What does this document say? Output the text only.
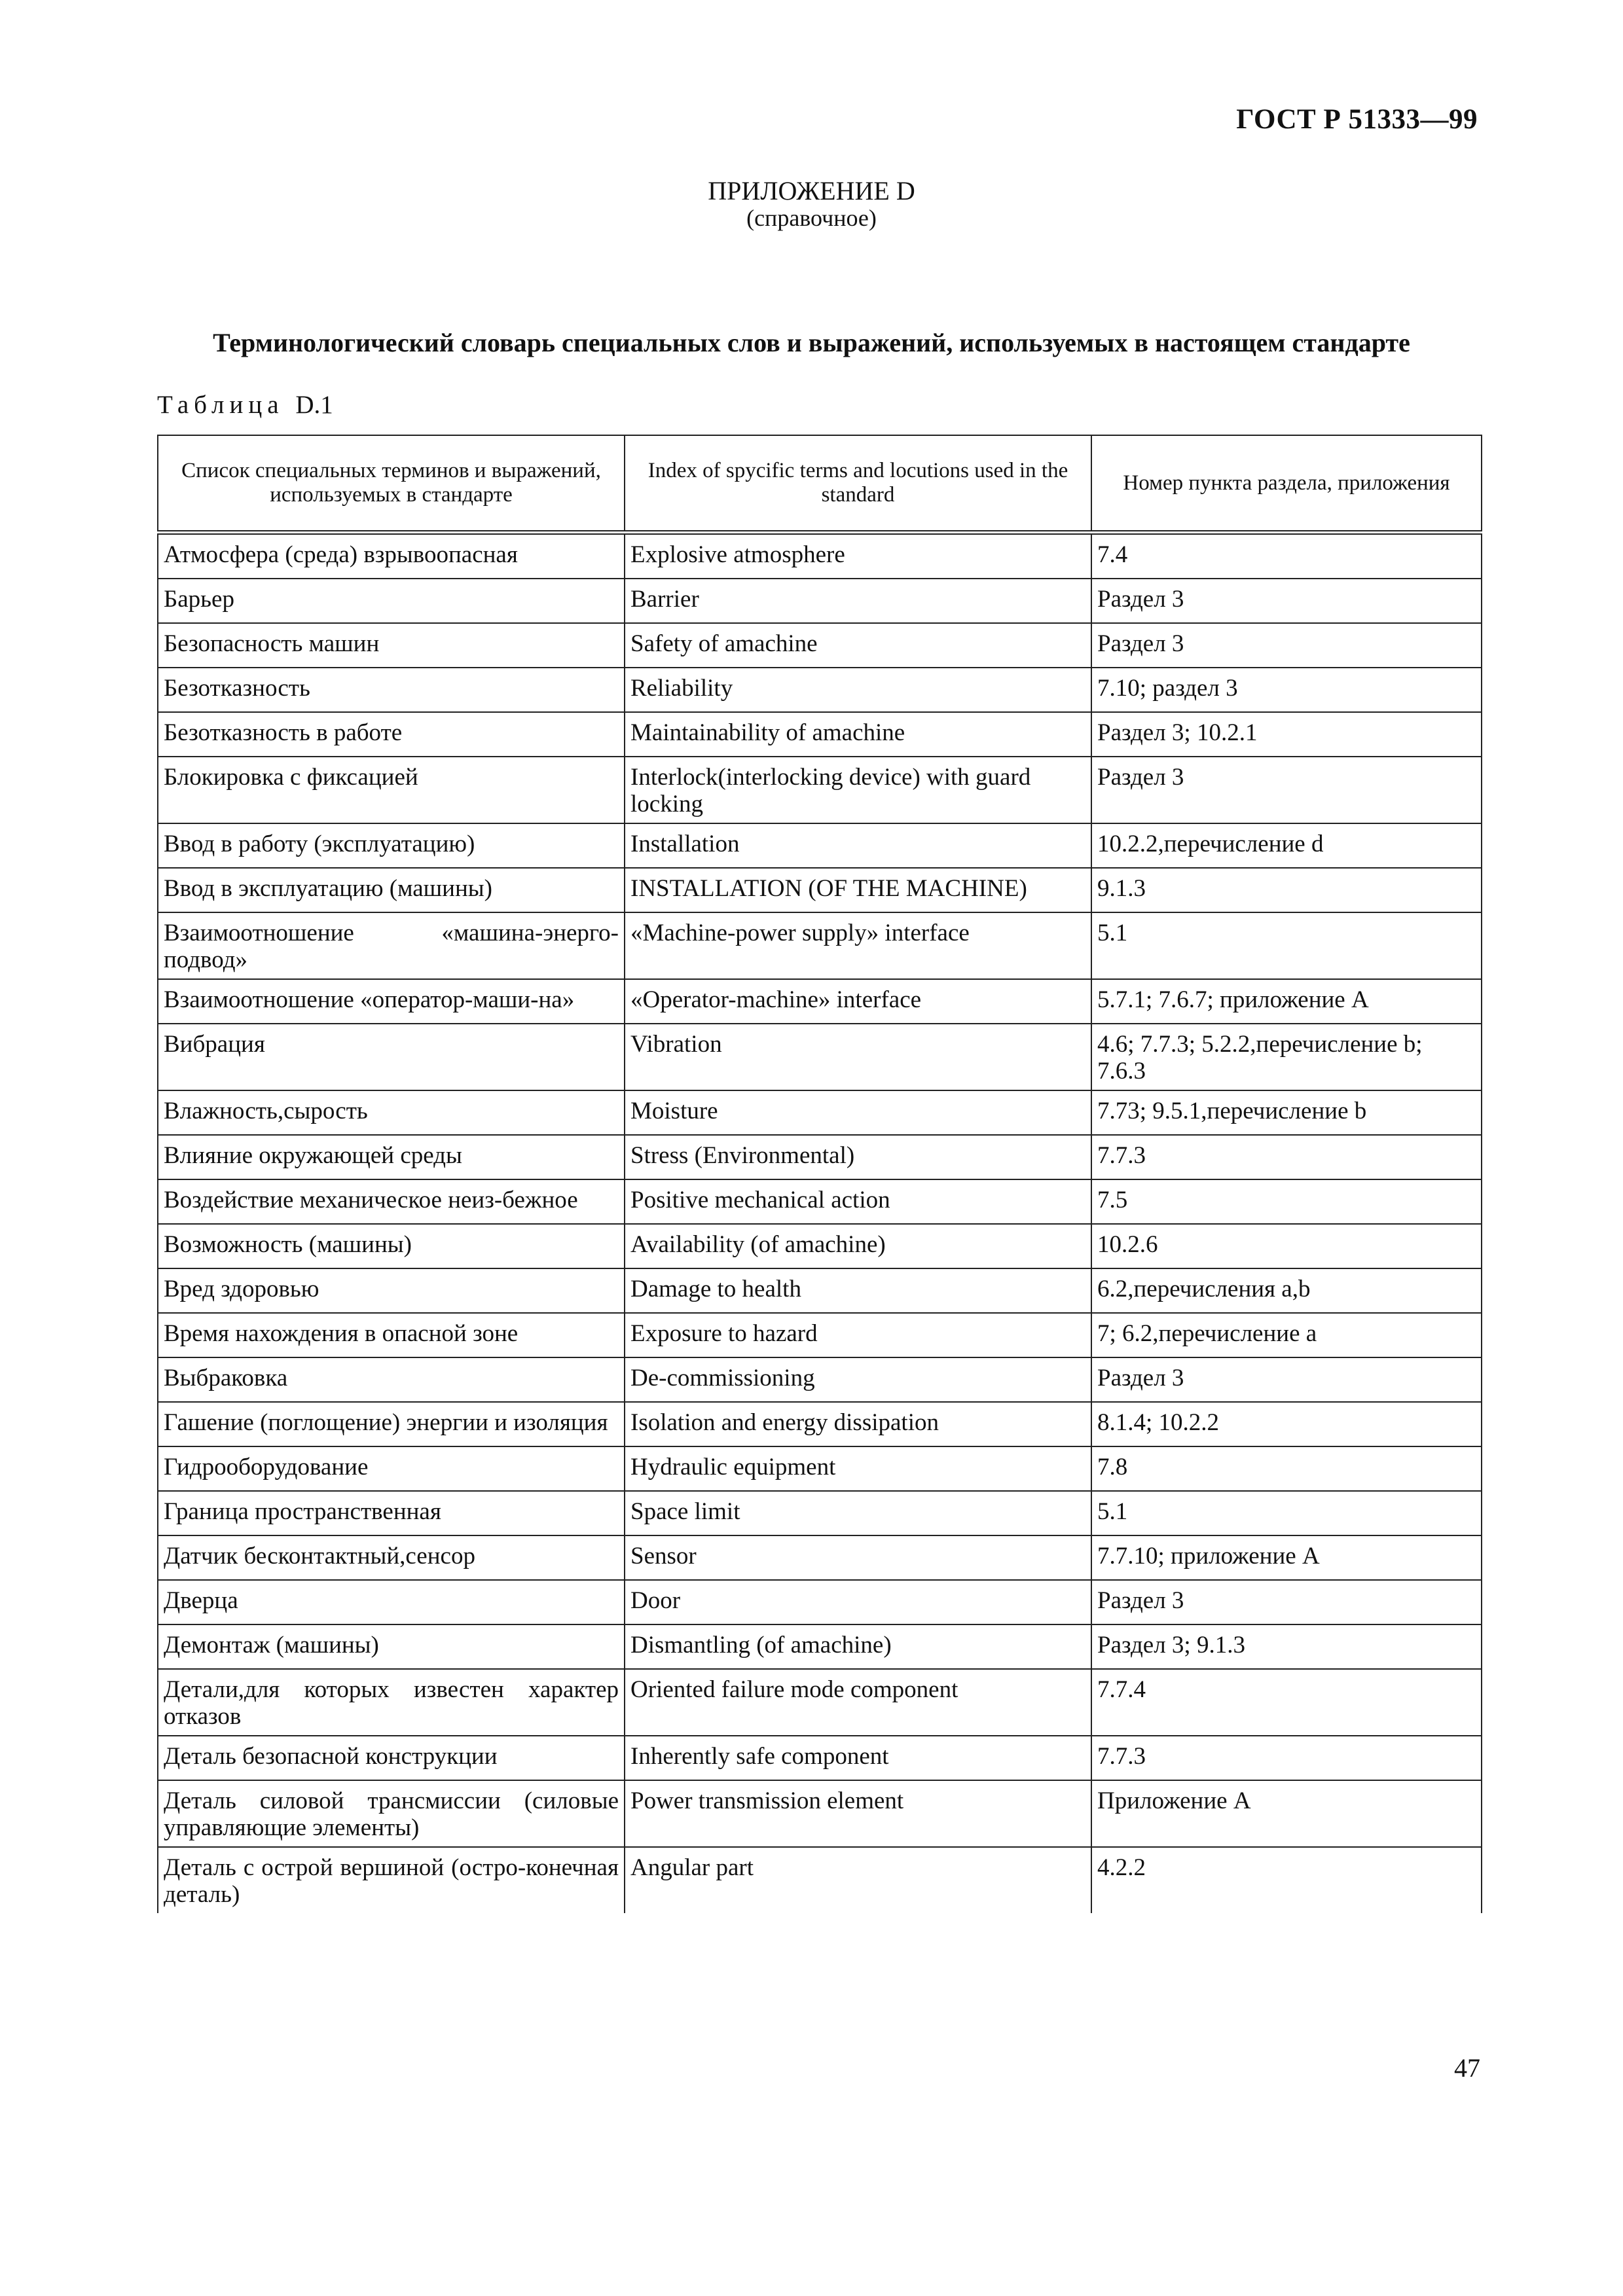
ГОСТ Р 51333—99
ПРИЛОЖЕНИЕ D
(справочное)
Терминологический словарь специальных слов и выражений, используемых в настоящем стандарте
Таблица D.1
Список специальных терминов и выражений, используемых в стандарте	Index of spycific terms and locutions used in the standard	Номер пункта раздела, приложения
Атмосфера (среда) взрывоопасная	Explosive atmosphere	7.4
Барьер	Barrier	Раздел 3
Безопасность машин	Safety of amachine	Раздел 3
Безотказность	Reliability	7.10; раздел 3
Безотказность в работе	Maintainability of amachine	Раздел 3; 10.2.1
Блокировка с фиксацией	Interlock(interlocking device) with guard locking	Раздел 3
Ввод в работу (эксплуатацию)	Installation	10.2.2,перечисление d
Ввод в эксплуатацию (машины)	INSTALLATION (OF THE MACHINE)	9.1.3
Взаимоотношение «машина-энерго-подвод»	«Machine-power supply» interface	5.1
Взаимоотношение «оператор-маши-на»	«Operator-machine» interface	5.7.1; 7.6.7; приложение А
Вибрация	Vibration	4.6; 7.7.3; 5.2.2,перечисление b; 7.6.3
Влажность,сырость	Moisture	7.73; 9.5.1,перечисление b
Влияние окружающей среды	Stress (Environmental)	7.7.3
Воздействие механическое неиз-бежное	Positive mechanical action	7.5
Возможность (машины)	Availability (of amachine)	10.2.6
Вред здоровью	Damage to health	6.2,перечисления a,b
Время нахождения в опасной зоне	Exposure to hazard	7; 6.2,перечисление a
Выбраковка	De-commissioning	Раздел 3
Гашение (поглощение) энергии и изоляция	Isolation and energy dissipation	8.1.4; 10.2.2
Гидрооборудование	Hydraulic equipment	7.8
Граница пространственная	Space limit	5.1
Датчик бесконтактный,сенсор	Sensor	7.7.10; приложение А
Дверца	Door	Раздел 3
Демонтаж (машины)	Dismantling (of amachine)	Раздел 3; 9.1.3
Детали,для которых известен характер отказов	Oriented failure mode component	7.7.4
Деталь безопасной конструкции	Inherently safe component	7.7.3
Деталь силовой трансмиссии (силовые управляющие элементы)	Power transmission element	Приложение А
Деталь с острой вершиной (остро-конечная деталь)	Angular part	4.2.2
47
